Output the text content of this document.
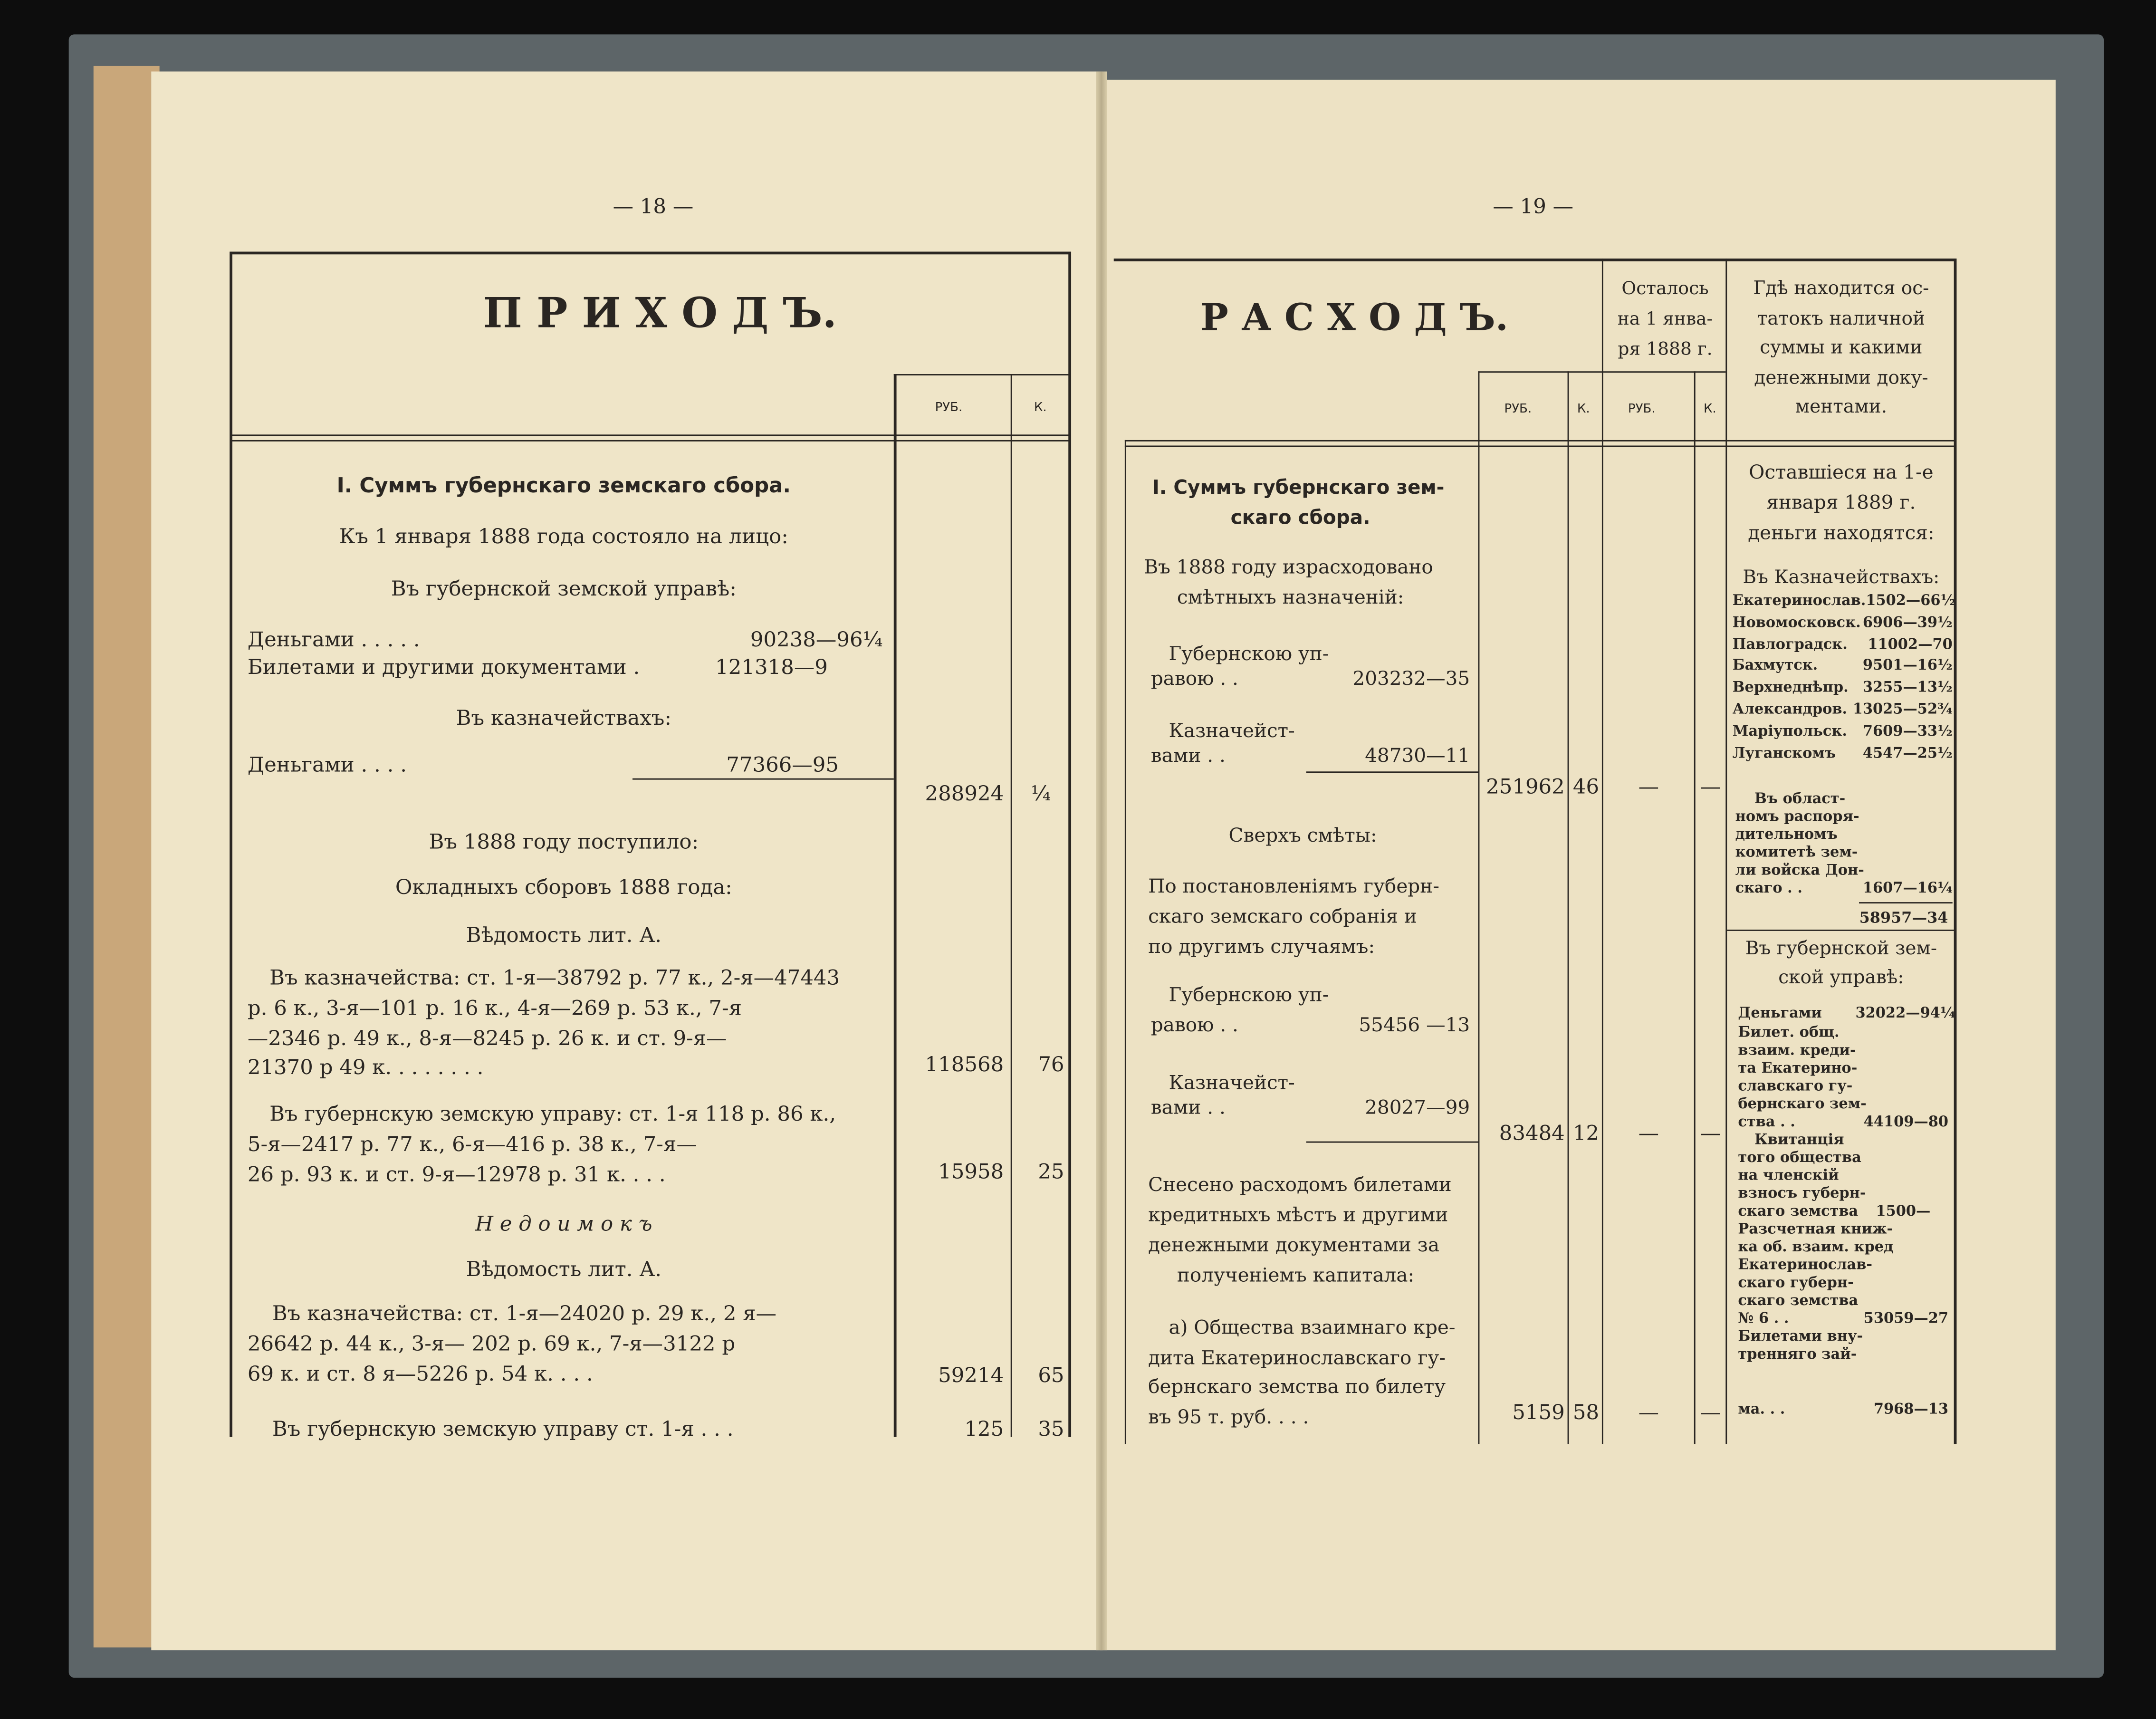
— 18 —
П Р И Х О Д Ъ.
РУБ.	К.
I. Суммъ губернскаго земскаго сбора.
Къ 1 января 1888 года состояло на лицо:
Въ губернской земской управѣ:
Деньгами . . . . .	90238—96¼
Билетами и другими документами .	121318—9
Въ казначействахъ:
Деньгами . . . .	77366—95
288924	¼
Въ 1888 году поступило:
Окладныхъ сборовъ 1888 года:
Вѣдомость лит. А.
Въ казначейства: ст. 1-я—38792 р. 77 к., 2-я—47443
р. 6 к., 3-я—101 р. 16 к., 4-я—269 р. 53 к., 7-я
—2346 р. 49 к., 8-я—8245 р. 26 к. и ст. 9-я—
21370 р 49 к. . . . . . . .	118568	76
Въ губернскую земскую управу: ст. 1-я 118 р. 86 к.,
5-я—2417 р. 77 к., 6-я—416 р. 38 к., 7-я—
26 р. 93 к. и ст. 9-я—12978 р. 31 к. . . .	15958	25
Н е д о и м о к ъ
Вѣдомость лит. А.
Въ казначейства: ст. 1-я—24020 р. 29 к., 2 я—
26642 р. 44 к., 3-я— 202 р. 69 к., 7-я—3122 р
69 к. и ст. 8 я—5226 р. 54 к. . . .	59214	65
Въ губернскую земскую управу ст. 1-я . . .	125	35
— 19 —
Р А С Х О Д Ъ.
Осталось
на 1 янва-
ря 1888 г.
Гдѣ находится ос-
татокъ наличной
суммы и какими
денежными доку-
ментами.
РУБ.	К.	РУБ.	К.
I. Суммъ губернскаго зем-
скаго сбора.
Въ 1888 году израсходовано
смѣтныхъ назначенiй:
Губернскою уп-
равою . .	203232—35
Казначейст-
вами . .	48730—11
251962	46	—	—
Сверхъ смѣты:
По постановленiямъ губерн-
скаго земскаго собранiя и
по другимъ случаямъ:
Губернскою уп-
равою . .	55456 —13
Казначейст-
вами . .	28027—99
83484	12	—	—
Снесено расходомъ билетами
кредитныхъ мѣстъ и другими
денежными документами за
полученiемъ капитала:
а) Общества взаимнаго кре-
дита Екатеринославскаго гу-
бернскаго земства по билету
въ 95 т. руб. . . .	5159	58	—	—
Оставшiеся на 1-е
января 1889 г.
деньги находятся:
Въ Казначействахъ:
Екатеринослав. 1502—66½
Новомосковск. 6906—39½
Павлоградск.	11002—70
Бахмутск.	9501—16½
Верхнеднѣпр.	3255—13½
Александров. 13025—52¾
Марiупольск.	7609—33½
Луганскомъ	4547—25½
Въ област-
номъ распоря-
дительномъ
комитетѣ зем-
ли войска Дон-
скаго . .	1607—16¼
58957—34
Въ губернской зем-
ской управѣ:
Деньгами	32022—94¼
Билет. общ.
взаим. креди-
та Екатерино-
славскаго гу-
бернскаго зем-
ства . .	44109—80
Квитанцiя
того общества
на членскiй
взносъ губерн-
скаго земства	1500—
Разсчетная книж-
ка об. взаим. кред
Екатеринослав-
скаго губерн-
скаго земства
№ 6 . .	53059—27
Билетами вну-
тренняго зай-
ма. . .	7968—13
